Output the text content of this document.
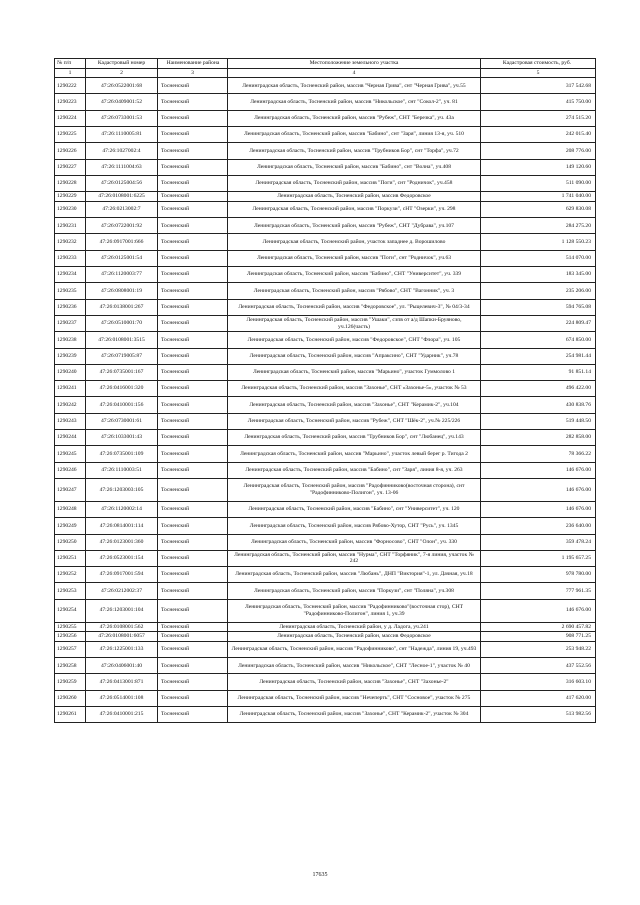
№ п/п	Кадастровый номер	Наименование района	Местоположение земельного участка	Кадастровая стоимость, руб.
1	2	3	4	5
1290222	47:26:0522001:68	Тосненский	Ленинградская область, Тосненский район, массив "Черная Грива", снт "Черная Грива", уч.55	317 542.68
1290223	47:26:0409001:52	Тосненский	Ленинградская область, Тосненский район, массив "Никольское", снт "Сокол-2", уч. 81	415 750.00
1290224	47:26:0733001:53	Тосненский	Ленинградская область, Тосненский район, массив "Рубеж", СНТ "Березка", уч. 43а	274 515.20
1290225	47:26:1110005:81	Тосненский	Ленинградская область, Тосненский район, массив "Бабино", снт "Заря", линия 13-я, уч. 510	242 015.40
1290226	47:26:1027002:4	Тосненский	Ленинградская область, Тосненский район, массив "Трубников Бор", снт "Торфа", уч.72	208 776.00
1290227	47:26:1111004:63	Тосненский	Ленинградская область, Тосненский район, массив "Бабино", снт "Волна", уч.408	149 120.60
1290228	47:26:0125004:56	Тосненский	Ленинградская область, Тосненский район, массив "Поги", снт "Родничок", уч.458	511 090.00
1290229	47:26:0108001:6225	Тосненский	Ленинградская область, Тосненский район, массив Федоровское	1 741 040.00
1290230	47:26:0213002:7	Тосненский	Ленинградская область, Тосненский район, массив "Поркузи", сНТ "Озерки", уч. 298	629 830.08
1290231	47:26:0722001:92	Тосненский	Ленинградская область, Тосненский район, массив "Рубеж", СНТ "Дубрава", уч.107	284 275.20
1290232	47:26:0917001:666	Тосненский	Ленинградская область, Тосненский район, участок западнее д. Ворошилово	1 128 550.23
1290233	47:26:0125001:54	Тосненский	Ленинградская область, Тосненский район, массив "Поги", снт "Родничок", уч.63	514 070.00
1290234	47:26:1120003:77	Тосненский	Ленинградская область, Тосненский район, массив "Бабино", СНТ "Университет", уч. 339	183 345.00
1290235	47:26:0808001:19	Тосненский	Ленинградская область, Тосненский район, массив "Рябово", СНТ "Вагонник", уч. 3	235 206.00
1290236	47:26:0138001:267	Тосненский	Ленинградская область, Тосненский район, массив "Федоровское", ул. "Рыцелевич-3", № 04/3-34	594 765.08
1290237	47:26:0510001:70	Тосненский	Ленинградская область, Тосненский район, массив "Ушаки", сзпв от а/д Шапки-Бруяново, уч.126(часть)	224 809.47
1290238	47:26:0108001:3515	Тосненский	Ленинградская область, Тосненский район, массив "Федоровское", СНТ "Флора", уч. 105	674 850.00
1290239	47:26:0719005:87	Тосненский	Ленинградская область, Тосненский район, массив "Апраксино", СНТ "Ударник", уч.78	254 981.44
1290240	47:26:0735001:167	Тосненский	Ленинградская область, Тосненский район, массив "Марьино", участок Гуммолово 1	91 851.14
1290241	47:26:0416001:320	Тосненский	Ленинградская область, Тосненский район, массив "Захонье", СНТ «Захонье-5», участок № 53	496 422.00
1290242	47:26:0410001:156	Тосненский	Ленинградская область, Тосненский район, массив "Захонье", СНТ "Керамик-2", уч.104	430 838.76
1290243	47:26:0730001:61	Тосненский	Ленинградская область, Тосненский район, массив "Рубеж", СНТ "Шёк-2", уч.№ 225/226	519 448.50
1290244	47:26:1033001:43	Тосненский	Ленинградская область, Тосненский район, массив "Трубников Бор", снт "Любанец", уч.143	282 858.00
1290245	47:26:0735001:109	Тосненский	Ленинградская область, Тосненский район, массив "Марьино", участок левый берег р. Тигода 2	78 366.22
1290246	47:26:1110003:51	Тосненский	Ленинградская область, Тосненский район, массив "Бабино", снт "Заря", линия 8-я, уч. 263	146 676.00
1290247	47:26:1203003:105	Тосненский	Ленинградская область, Тосненский район, массив "Радофинниково(восточная сторона), снт "Радофинниково-Полигон", уч. 13-06	146 676.00
1290248	47:26:1120002:14	Тосненский	Ленинградская область, Тосненский район, массив "Бабино", снт "Университет", уч. 120	146 676.00
1290249	47:26:0814001:114	Тосненский	Ленинградская область, Тосненский район, массив Рябово-Хутор, СНТ "Русь", уч. 1345	236 640.00
1290250	47:26:0123001:360	Тосненский	Ленинградская область, Тосненский район, массив "Форносово", СНТ "Олон", уч. 330	359 478.24
1290251	47:26:0523001:154	Тосненский	Ленинградская область, Тосненский район, массив "Нурма", СНТ "Торфяник", 7-я линия, участок № 242	1 195 657.25
1290252	47:26:0917001:594	Тосненский	Ленинградская область, Тосненский район, массив "Любань", ДНП "Виктория"-1, ул. Дачная, уч.18	978 780.00
1290253	47:26:0212002:37	Тосненский	Ленинградская область, Тосненский район, массив "Поркузи", снт "Поляна", уч.308	777 961.35
1290254	47:26:1203001:104	Тосненский	Ленинградская область, Тосненский район, массив "Радофинниково"(восточная стор), СНТ "Радофинниково-Полигон", линия 1, уч.39	146 676.00
1290255	47:26:0108001:562	Тосненский	Ленинградская область, Тосненский район, у д. Ладога, уч.241	2 690 457.82
1290256	47:26:0108001:6057	Тосненский	Ленинградская область, Тосненский район, массив Федоровское	908 771.25
1290257	47:26:1225001:133	Тосненский	Ленинградская область, Тосненский район, массив "Радофинниково", снт "Надежда", линия 19, уч.493	253 948.22
1290258	47:26:0406001:40	Тосненский	Ленинградская область, Тосненский район, массив "Никольское", СНТ "Лесное-1", участок № 40	437 552.56
1290259	47:26:0413001:871	Тосненский	Ленинградская область, Тосненский район, массив "Захонье", СНТ "Захонье-2"	316 603.10
1290260	47:26:0514001:108	Тосненский	Ленинградская область, Тосненский район, массив "Нечеперть", СНТ "Сосновое", участок № 275	417 620.00
1290261	47:26:0410001:215	Тосненский	Ленинградская область, Тосненский район, массив "Захонье", СНТ "Керамик-2", участок № 304	513 982.56
17635
